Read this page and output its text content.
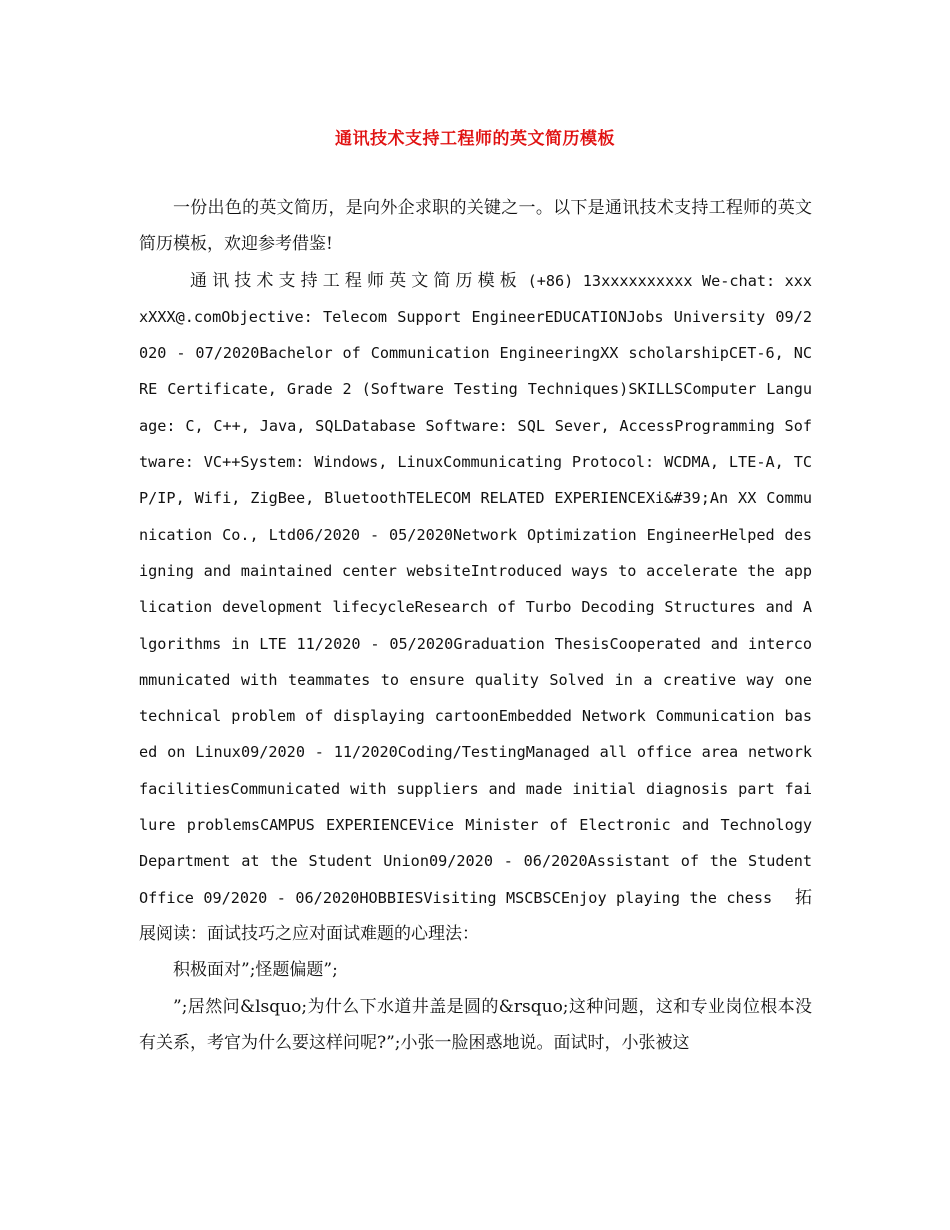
通讯技术支持工程师的英文简历模板

一份出色的英文简历，是向外企求职的关键之一。以下是通讯技术支持工程师的英文简历模板，欢迎参考借鉴!

通讯技术支持工程师英文简历模板 (+86) 13xxxxxxxxxx We-chat: xxxxXXX@.comObjective: Telecom Support EngineerEDUCATIONJobs University 09/2020 - 07/2020Bachelor of Communication EngineeringXX scholarshipCET-6, NCRE Certificate, Grade 2 (Software Testing Techniques)SKILLSComputer Language: C, C++, Java, SQLDatabase Software: SQL Sever, AccessProgramming Software: VC++System: Windows, LinuxCommunicating Protocol: WCDMA, LTE-A, TCP/IP, Wifi, ZigBee, BluetoothTELECOM RELATED EXPERIENCEXi&#39;An XX Communication Co., Ltd06/2020 - 05/2020Network Optimization EngineerHelped designing and maintained center websiteIntroduced ways to accelerate the application development lifecycleResearch of Turbo Decoding Structures and Algorithms in LTE 11/2020 - 05/2020Graduation ThesisCooperated and intercommunicated with teammates to ensure quality Solved in a creative way one technical problem of displaying cartoonEmbedded Network Communication based on Linux09/2020 - 11/2020Coding/TestingManaged all office area network facilitiesCommunicated with suppliers and made initial diagnosis part failure problemsCAMPUS EXPERIENCEVice Minister of Electronic and Technology Department at the Student Union09/2020 - 06/2020Assistant of the Student Office 09/2020 - 06/2020HOBBIESVisiting MSCBSCEnjoy playing the chess 拓展阅读：面试技巧之应对面试难题的心理法：

积极面对”;怪题偏题”;

”;居然问&lsquo;为什么下水道井盖是圆的&rsquo;这种问题，这和专业岗位根本没有关系，考官为什么要这样问呢?”;小张一脸困惑地说。面试时，小张被这
